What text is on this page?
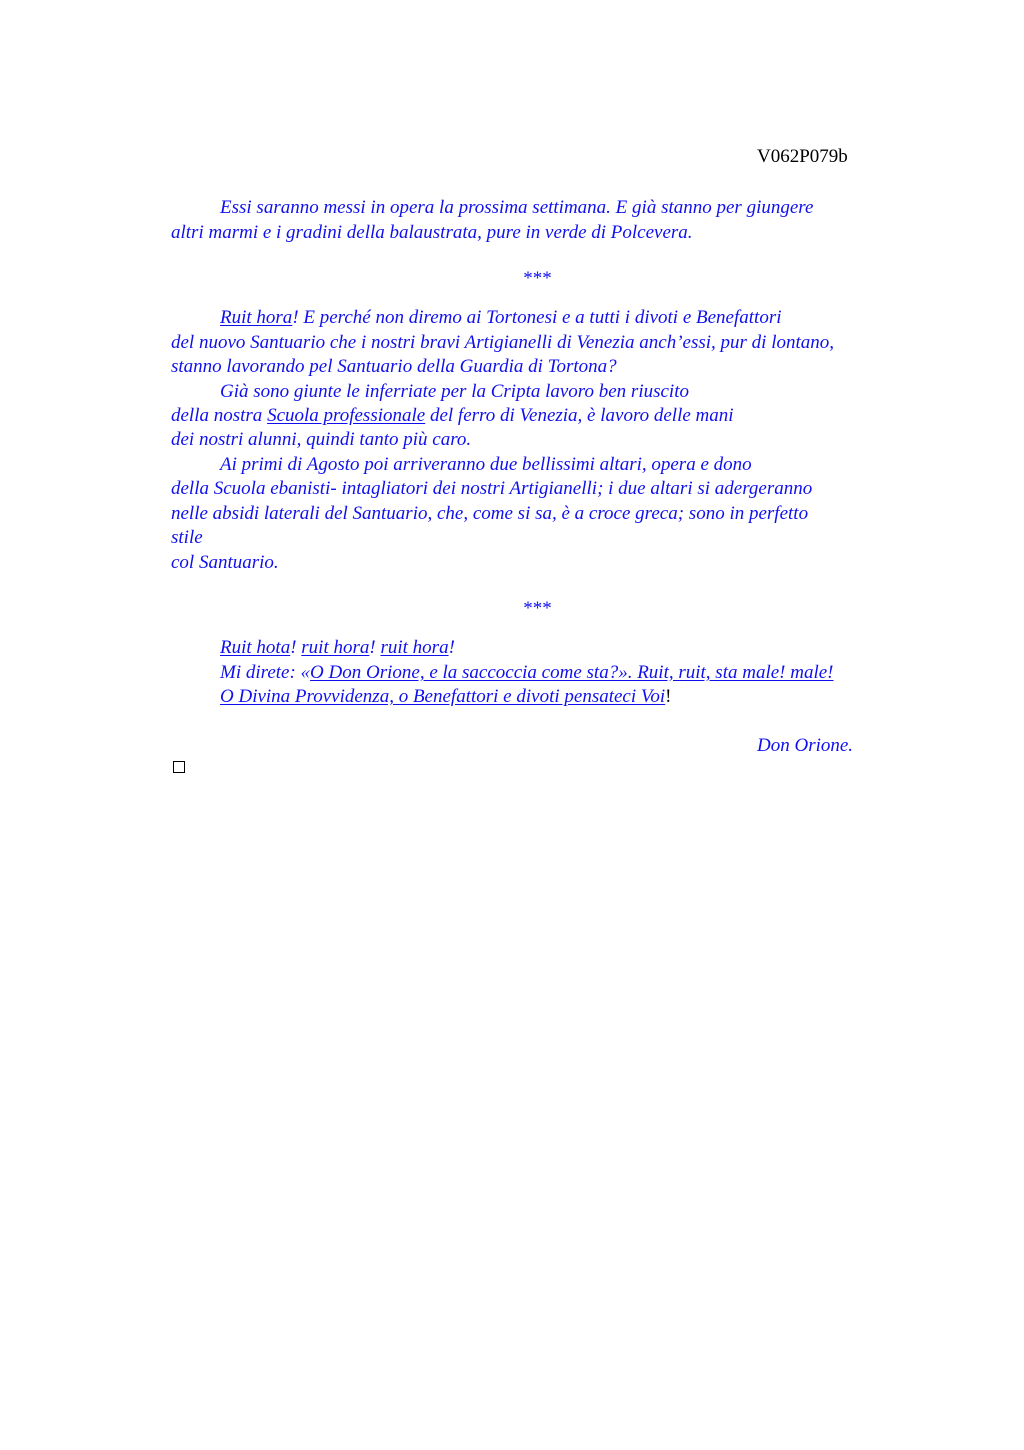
V062P079b
Essi saranno messi in opera la prossima settimana. E già stanno per giungere
altri marmi e i gradini della balaustrata, pure in verde di Polcevera.
***
Ruit hora! E perché non diremo ai Tortonesi e a tutti i divoti e Benefattori
del nuovo Santuario che i nostri bravi Artigianelli di Venezia anch’essi, pur di lontano,
stanno lavorando pel Santuario della Guardia di Tortona?
Già sono giunte le inferriate per la Cripta lavoro ben riuscito
della nostra Scuola professionale del ferro di Venezia, è lavoro delle mani
dei nostri alunni, quindi tanto più caro.
Ai primi di Agosto poi arriveranno due bellissimi altari, opera e dono
della Scuola ebanisti- intagliatori dei nostri Artigianelli; i due altari si adergeranno
nelle absidi laterali del Santuario, che, come si sa, è a croce greca; sono in perfetto
stile
col Santuario.
***
Ruit hota! ruit hora! ruit hora!
Mi direte: «O Don Orione, e la saccoccia come sta?». Ruit, ruit, sta male! male!
O Divina Provvidenza, o Benefattori e divoti pensateci Voi!
Don Orione.
